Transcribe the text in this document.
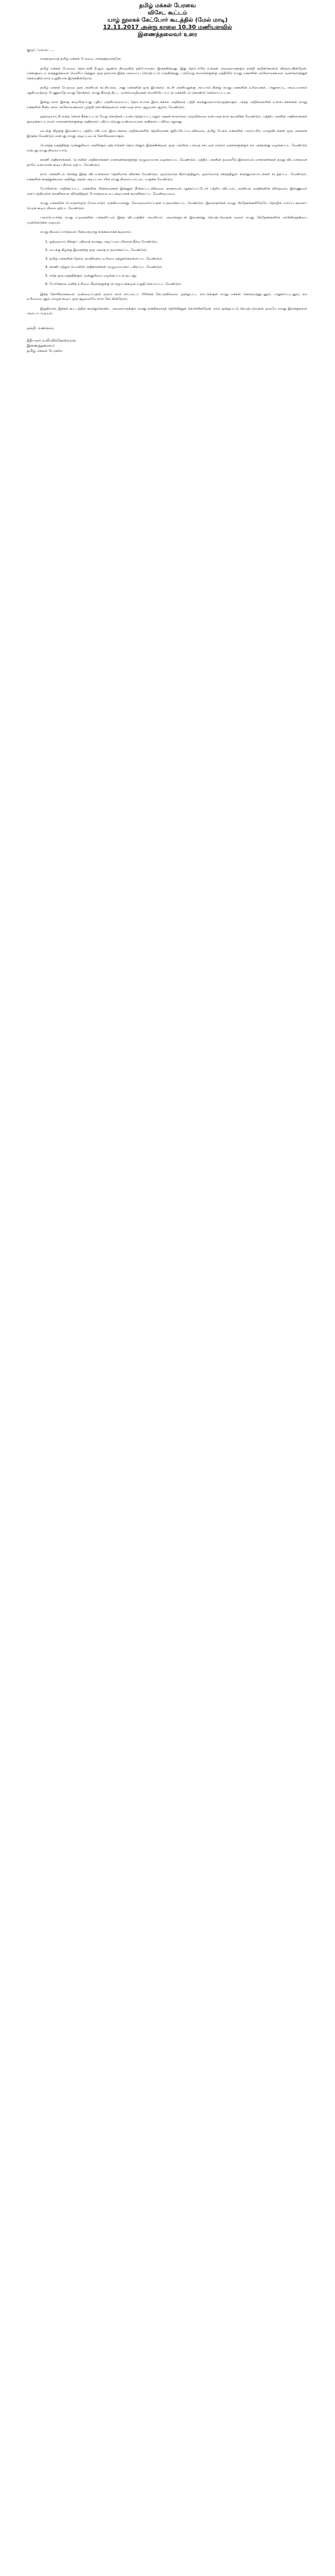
தமிழ் மக்கள் பேரவை
விசேட கூட்டம்
யாழ் நூலகக் கேட்போர் கூடத்தில் (மேல் மாடி)
12.11.2017 அன்று காலை 10.30 மணியளவில்
இணைத்தலைவர் உரை
குருர் ப்ரம்மா ....

எனதருமைத் தமிழ் மக்கள் பேரவை அங்கத்தவர்களே,

தமிழ் மக்கள் பேரவை தொடங்கி 2ஆம் ஆண்டு நிறைவில் தற்போதைய இருக்கின்றது. இது தொடர்பில் உங்கள் அனைவருக்கும் நன்றி கூறிக்கொள்ள விரும்புகின்றேன். மக்களுடைய கருத்துக்களை வெளிப்படுத்தும் ஒரு தளமாக இந்த அமைப்பு செயற்பட்டு வருகின்றது. பல்வேறு சவால்களுக்கு மத்தியில் எமது மக்களின் அபிலாசைகளை முன்னெடுத்துச் செல்வதில் நாம் உறுதியாக இருக்கின்றோம்.

தமிழ் மக்கள் பேரவை ஒரு அரசியல் கட்சியல்ல. அது மக்களின் ஒரு இயக்கம். கட்சி அரசியலுக்கு அப்பால் நின்று எமது மக்களின் உரிமைகள், பாதுகாப்பு, அடையாளம் ஆகியவற்றை பேணுவதே எமது நோக்கம். எமது தீர்வுத் திட்ட முன்மொழிவுகள் வெளியிடப்பட்டு மக்களிடம் கொண்டு செல்லப்பட்டன.

இன்று நாம் இங்கு கூடியிருப்பது புதிய அரசியலமைப்பு தொடர்பான இடைக்கால அறிக்கை பற்றி கலந்துரையாடுவதற்காகும். அந்த அறிக்கையின் உள்ளடக்கங்கள் எமது மக்களின் நீண்டகால அபிலாசைகளை பூர்த்தி செய்கின்றனவா என்பதை நாம் ஆழமாக ஆராய வேண்டும்.

ஒற்றையாட்சி என்ற சொல் நீக்கப்பட்டு வேறு சொற்கள் பயன்படுத்தப்பட்டாலும் அதன் சாராம்சம் மாறவில்லை என்பதை நாம் கவனிக்க வேண்டும். மத்திய அரசின் அதிகாரங்கள் குறைக்கப்படாமல் மாகாணங்களுக்கு அதிகாரம் பகிரப்படுவது உண்மையான அதிகாரப் பகிர்வு ஆகாது.

வடக்கு கிழக்கு இணைப்பு பற்றிய விடயம் இடைக்கால அறிக்கையில் தெளிவாகக் குறிப்பிடப்படவில்லை. தமிழ் பேசும் மக்களின் பாரம்பரிய வாழ்விடங்கள் ஒரு அலகாக இருக்க வேண்டும் என்பது எமது அடிப்படைக் கோரிக்கையாகும்.

பௌத்த மதத்திற்கு முன்னுரிமை அளிக்கும் ஏற்பாடுகள் தொடர்ந்தும் இருக்கின்றன. ஒரு பல்லின, பல்மத நாட்டில் எல்லா மதங்களுக்கும் சம அந்தஸ்து வழங்கப்பட வேண்டும் என்பது எமது நிலைப்பாடு.

காணி அதிகாரங்கள், பொலிஸ் அதிகாரங்கள் மாகாணங்களுக்கு முழுமையாக வழங்கப்பட வேண்டும். மத்திய அரசின் தலையீடு இல்லாமல் மாகாணங்கள் தமது விடயங்களை தாமே கையாளக் கூடிய நிலை ஏற்பட வேண்டும்.

நாம் மக்களிடம் சென்று இந்த விடயங்களை தெளிவாக விளக்க வேண்டும். ஒவ்வொரு கிராமத்திலும், ஒவ்வொரு நகரத்திலும் கலந்துரையாடல்கள் நடத்தப்பட வேண்டும். மக்களின் கருத்துக்களை அறிந்து அதன் அடிப்படையில் எமது நிலைப்பாட்டை வகுக்க வேண்டும்.

போரினால் பாதிக்கப்பட்ட மக்களின் பிரச்சனைகள் இன்னும் தீர்க்கப்படவில்லை. காணாமல் ஆக்கப்பட்டோர் பற்றிய விடயம், அரசியல் கைதிகளின் விடுதலை, இராணுவம் கைப்பற்றியுள்ள காணிகளை விடுவித்தல் போன்றவை உடனடியாகக் கவனிக்கப்பட வேண்டியவை.

எமது மக்களின் பொருளாதார மேம்பாடும் முக்கியமானது. வேலைவாய்ப்புகள் உருவாக்கப்பட வேண்டும். இளைஞர்கள் எமது பிரதேசங்களிலேயே தொழில் வாய்ப்புகளைப் பெறக் கூடிய நிலை ஏற்பட வேண்டும்.

புலம்பெயர்ந்த எமது உறவுகளின் பங்களிப்பும் இந்த விடயத்தில் அவசியம். அவர்களுடன் இணைந்து செயற்படுவதன் மூலம் எமது பிரதேசங்களின் அபிவிருத்தியை முன்னெடுக்க முடியும்.

எமது நிலைப்பாடுகளை பின்வருமாறு சுருக்கமாகக் கூறலாம்:

1. ஒற்றையாட்சிக்குப் பதிலாக சமஷ்டி அடிப்படையிலான தீர்வு வேண்டும்.
2. வடக்கு கிழக்கு இணைந்த ஒரு அலகு உருவாக்கப்பட வேண்டும்.
3. தமிழ் மக்களின் தேசம், சுயநிர்ணய உரிமை ஏற்றுக்கொள்ளப்பட வேண்டும்.
4. காணி மற்றும் பொலிஸ் அதிகாரங்கள் முழுமையாகப் பகிரப்பட வேண்டும்.
5. எந்த ஒரு மதத்திற்கும் முன்னுரிமை வழங்கப்படக் கூடாது.
6. போர்க்கால மனித உரிமை மீறல்களுக்கு பொறுப்புக்கூறல் உறுதி செய்யப்பட வேண்டும்.

இந்த கோரிக்கைகளை முன்வைப்பதன் மூலம் நாம் நாட்டைப் பிரிக்கக் கேட்கவில்லை. ஒன்றுபட்ட நாட்டுக்குள் எமது மக்கள் கௌரவத்துடனும், பாதுகாப்புடனும், சம உரிமையுடனும் வாழக் கூடிய ஒரு சூழலையே நாம் கேட்கின்றோம்.

இறுதியாக, இந்தக் கூட்டத்தில் கலந்துகொண்ட அனைவருக்கும் எனது நன்றிகளைத் தெரிவித்துக் கொள்கின்றேன். நாம் ஒன்றுபட்டு செயற்படுவதன் மூலமே எமது இலக்குகளை அடைய முடியும்.

நன்றி. வணக்கம்.
நீதியரசர் க.வி.விக்னேஸ்வரன்
இணைத்தலைவர்
தமிழ் மக்கள் பேரவை
